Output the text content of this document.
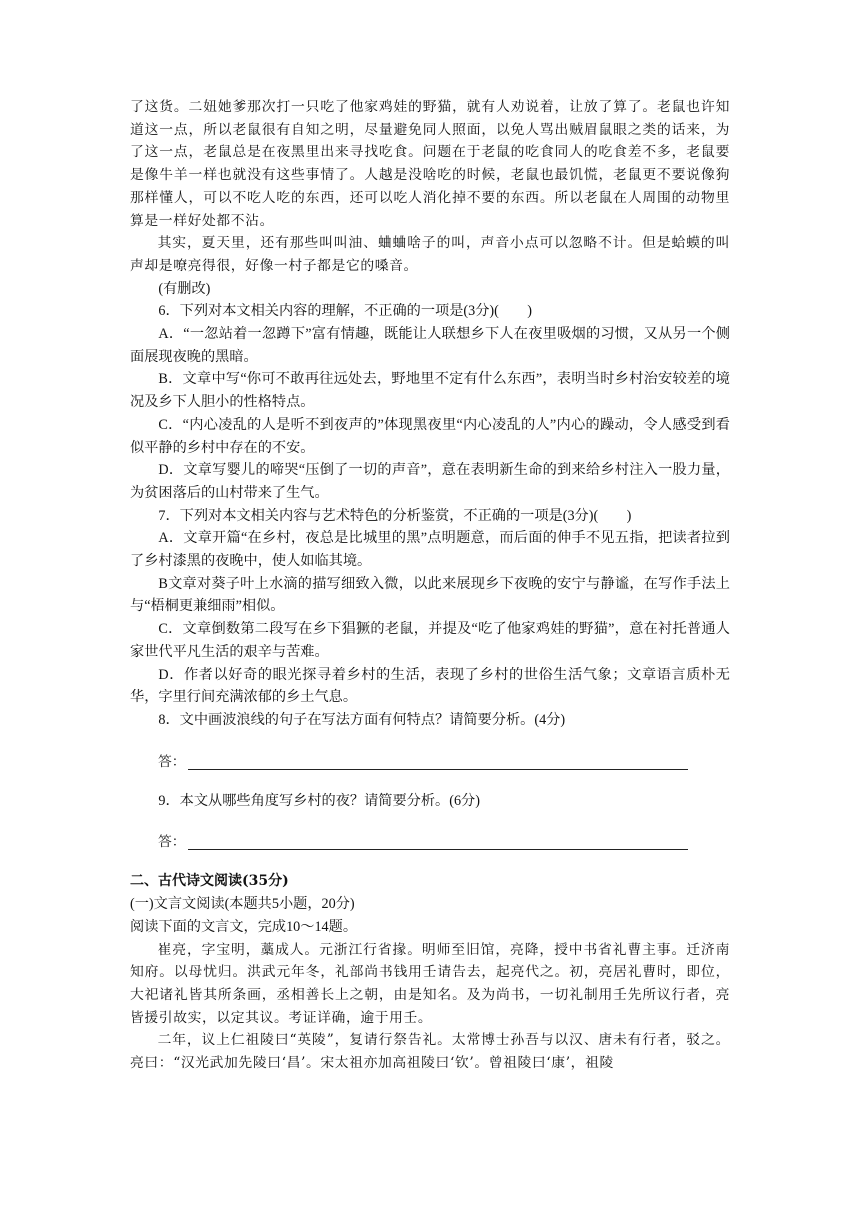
了这货。二妞她爹那次打一只吃了他家鸡娃的野猫，就有人劝说着，让放了算了。老鼠也许知道这一点，所以老鼠很有自知之明，尽量避免同人照面，以免人骂出贼眉鼠眼之类的话来，为了这一点，老鼠总是在夜黑里出来寻找吃食。问题在于老鼠的吃食同人的吃食差不多，老鼠要是像牛羊一样也就没有这些事情了。人越是没啥吃的时候，老鼠也最饥慌，老鼠更不要说像狗那样懂人，可以不吃人吃的东西，还可以吃人消化掉不要的东西。所以老鼠在人周围的动物里算是一样好处都不沾。

其实，夏天里，还有那些叫叫油、蛐蛐啥子的叫，声音小点可以忽略不计。但是蛤蟆的叫声却是嘹亮得很，好像一村子都是它的嗓音。

(有删改)

6．下列对本文相关内容的理解，不正确的一项是(3分)(　　)

A．“一忽站着一忽蹲下”富有情趣，既能让人联想乡下人在夜里吸烟的习惯，又从另一个侧面展现夜晚的黑暗。

B．文章中写“你可不敢再往远处去，野地里不定有什么东西”，表明当时乡村治安较差的境况及乡下人胆小的性格特点。

C．“内心凌乱的人是听不到夜声的”体现黑夜里“内心凌乱的人”内心的躁动，令人感受到看似平静的乡村中存在的不安。

D．文章写婴儿的啼哭“压倒了一切的声音”，意在表明新生命的到来给乡村注入一股力量，为贫困落后的山村带来了生气。

7．下列对本文相关内容与艺术特色的分析鉴赏，不正确的一项是(3分)(　　)

A．文章开篇“在乡村，夜总是比城里的黑”点明题意，而后面的伸手不见五指，把读者拉到了乡村漆黑的夜晚中，使人如临其境。

B文章对葵子叶上水滴的描写细致入微，以此来展现乡下夜晚的安宁与静谧，在写作手法上与“梧桐更兼细雨”相似。

C．文章倒数第二段写在乡下猖獗的老鼠，并提及“吃了他家鸡娃的野猫”，意在衬托普通人家世代平凡生活的艰辛与苦难。

D．作者以好奇的眼光探寻着乡村的生活，表现了乡村的世俗生活气象；文章语言质朴无华，字里行间充满浓郁的乡土气息。

8．文中画波浪线的句子在写法方面有何特点？请简要分析。(4分)

答：

9．本文从哪些角度写乡村的夜？请简要分析。(6分)

答：

二、古代诗文阅读(35分)

(一)文言文阅读(本题共5小题，20分)

阅读下面的文言文，完成10～14题。

崔亮，字宝明，藁成人。元浙江行省掾。明师至旧馆，亮降，授中书省礼曹主事。迁济南知府。以母忧归。洪武元年冬，礼部尚书钱用壬请告去，起亮代之。初，亮居礼曹时，即位，大祀诸礼皆其所条画，丞相善长上之朝，由是知名。及为尚书，一切礼制用壬先所议行者，亮皆援引故实，以定其议。考证详确，逾于用壬。

二年，议上仁祖陵曰“英陵”，复请行祭告礼。太常博士孙吾与以汉、唐未有行者，驳之。亮曰：“汉光武加先陵曰‘昌’。宋太祖亦加高祖陵曰‘钦’。曾祖陵曰‘康’，祖陵
